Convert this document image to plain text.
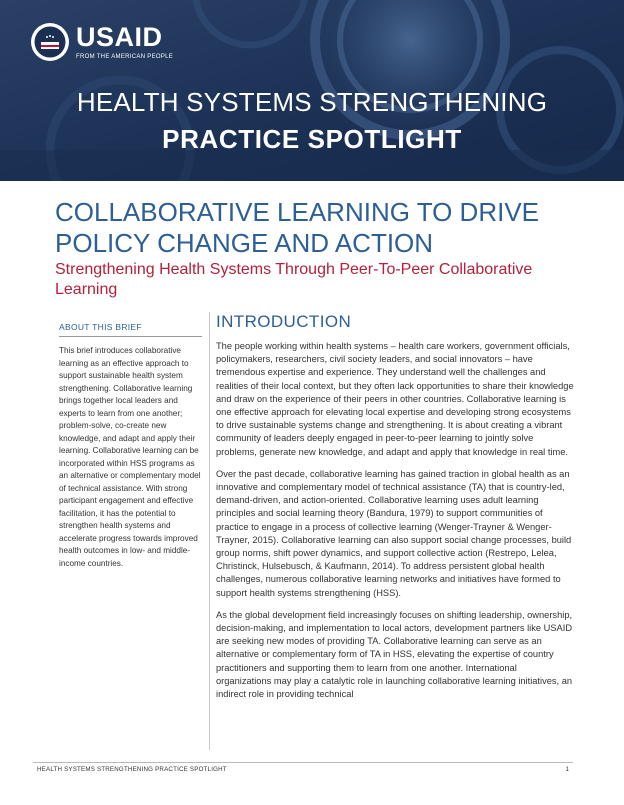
USAID
FROM THE AMERICAN PEOPLE
HEALTH SYSTEMS STRENGTHENING
PRACTICE SPOTLIGHT
COLLABORATIVE LEARNING TO DRIVE POLICY CHANGE AND ACTION

Strengthening Health Systems Through Peer-To-Peer Collaborative Learning

ABOUT THIS BRIEF
This brief introduces collaborative learning as an effective approach to support sustainable health system strengthening. Collaborative learning brings together local leaders and experts to learn from one another; problem-solve, co-create new knowledge, and adapt and apply their learning. Collaborative learning can be incorporated within HSS programs as an alternative or complementary model of technical assistance. With strong participant engagement and effective facilitation, it has the potential to strengthen health systems and accelerate progress towards improved health outcomes in low- and middle-income countries.
INTRODUCTION

The people working within health systems – health care workers, government officials, policymakers, researchers, civil society leaders, and social innovators – have tremendous expertise and experience. They understand well the challenges and realities of their local context, but they often lack opportunities to share their knowledge and draw on the experience of their peers in other countries. Collaborative learning is one effective approach for elevating local expertise and developing strong ecosystems to drive sustainable systems change and strengthening. It is about creating a vibrant community of leaders deeply engaged in peer-to-peer learning to jointly solve problems, generate new knowledge, and adapt and apply that knowledge in real time.

Over the past decade, collaborative learning has gained traction in global health as an innovative and complementary model of technical assistance (TA) that is country-led, demand-driven, and action-oriented. Collaborative learning uses adult learning principles and social learning theory (Bandura, 1979) to support communities of practice to engage in a process of collective learning (Wenger-Trayner & Wenger-Trayner, 2015). Collaborative learning can also support social change processes, build group norms, shift power dynamics, and support collective action (Restrepo, Lelea, Christinck, Hulsebusch, & Kaufmann, 2014). To address persistent global health challenges, numerous collaborative learning networks and initiatives have formed to support health systems strengthening (HSS).

As the global development field increasingly focuses on shifting leadership, ownership, decision-making, and implementation to local actors, development partners like USAID are seeking new modes of providing TA. Collaborative learning can serve as an alternative or complementary form of TA in HSS, elevating the expertise of country practitioners and supporting them to learn from one another. International organizations may play a catalytic role in launching collaborative learning initiatives, an indirect role in providing technical

HEALTH SYSTEMS STRENGTHENING PRACTICE SPOTLIGHT	1
